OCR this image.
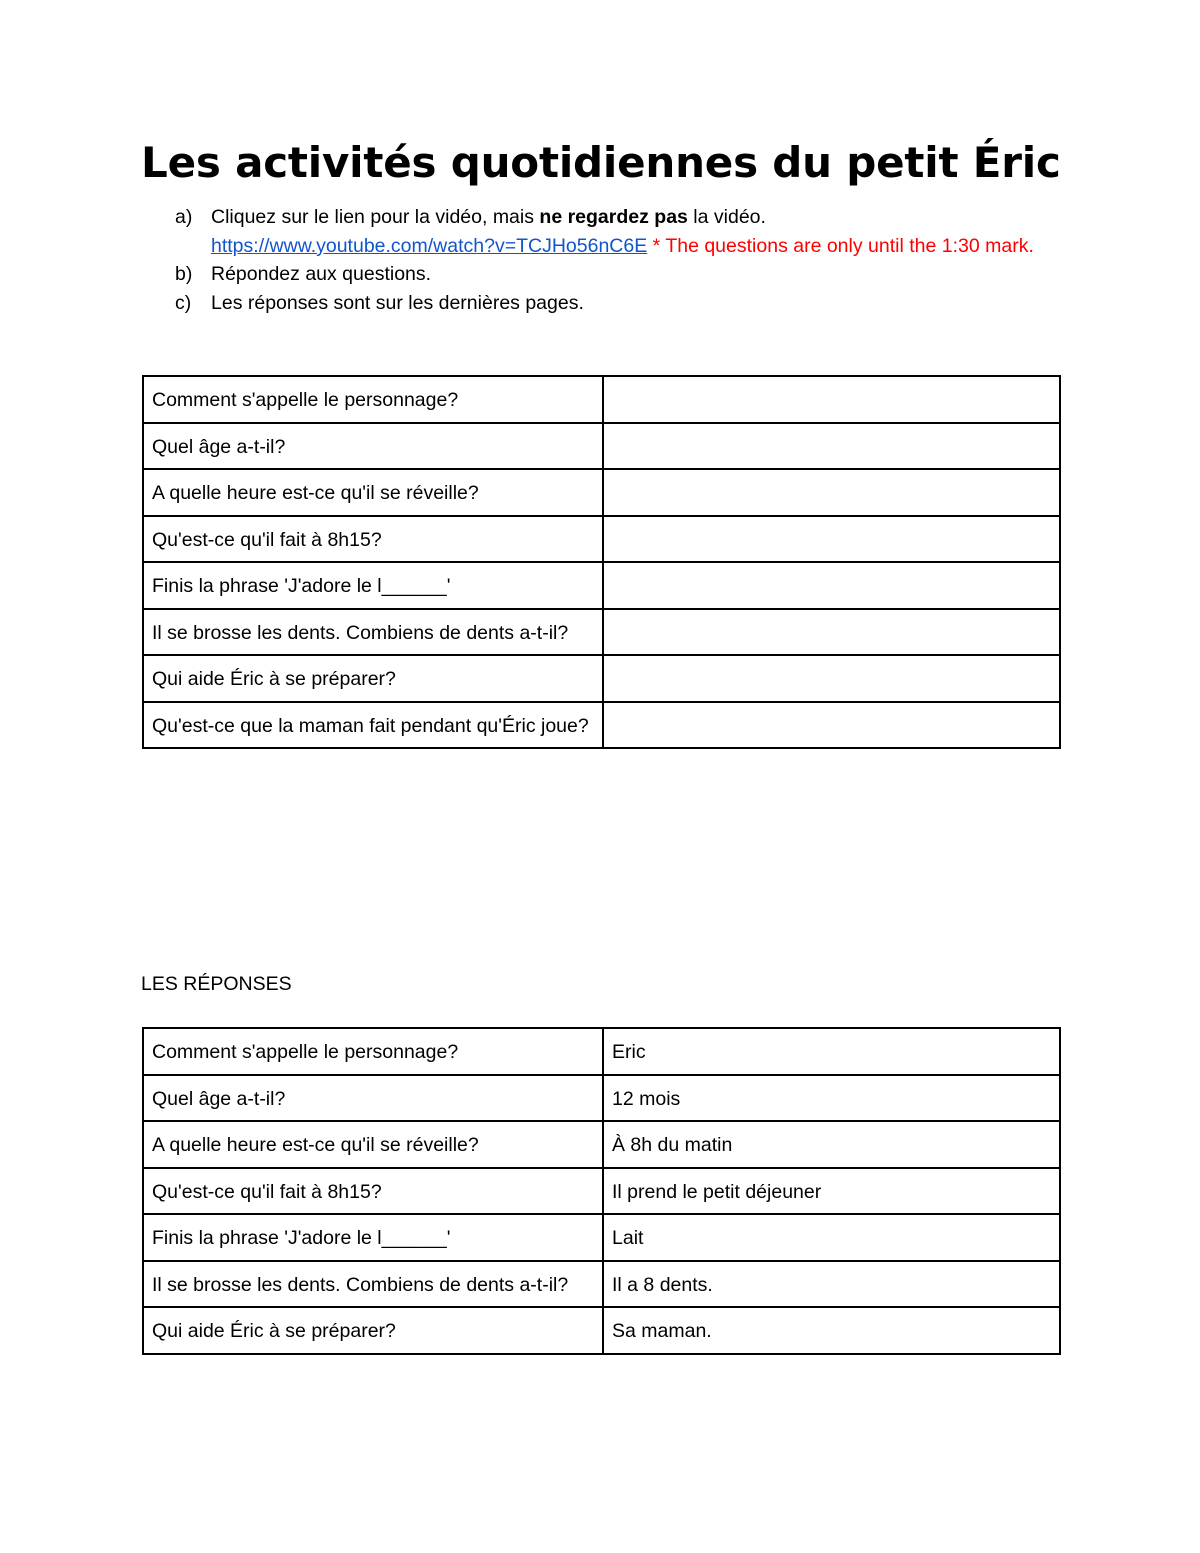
Les activités quotidiennes du petit Éric
a) Cliquez sur le lien pour la vidéo, mais ne regardez pas la vidéo.
https://www.youtube.com/watch?v=TCJHo56nC6E * The questions are only until the 1:30 mark.
b) Répondez aux questions.
c)	Les réponses sont sur les dernières pages.
Comment s'appelle le personnage?	
Quel âge a-t-il?	
A quelle heure est-ce qu'il se réveille?	
Qu'est-ce qu'il fait à 8h15?	
Finis la phrase 'J'adore le l______'	
Il se brosse les dents. Combiens de dents a-t-il?	
Qui aide Éric à se préparer?	
Qu'est-ce que la maman fait pendant qu'Éric joue?	
LES RÉPONSES
Comment s'appelle le personnage?	Eric
Quel âge a-t-il?	12 mois
A quelle heure est-ce qu'il se réveille?	À 8h du matin
Qu'est-ce qu'il fait à 8h15?	Il prend le petit déjeuner
Finis la phrase 'J'adore le l______'	Lait
Il se brosse les dents. Combiens de dents a-t-il?	Il a 8 dents.
Qui aide Éric à se préparer?	Sa maman.
